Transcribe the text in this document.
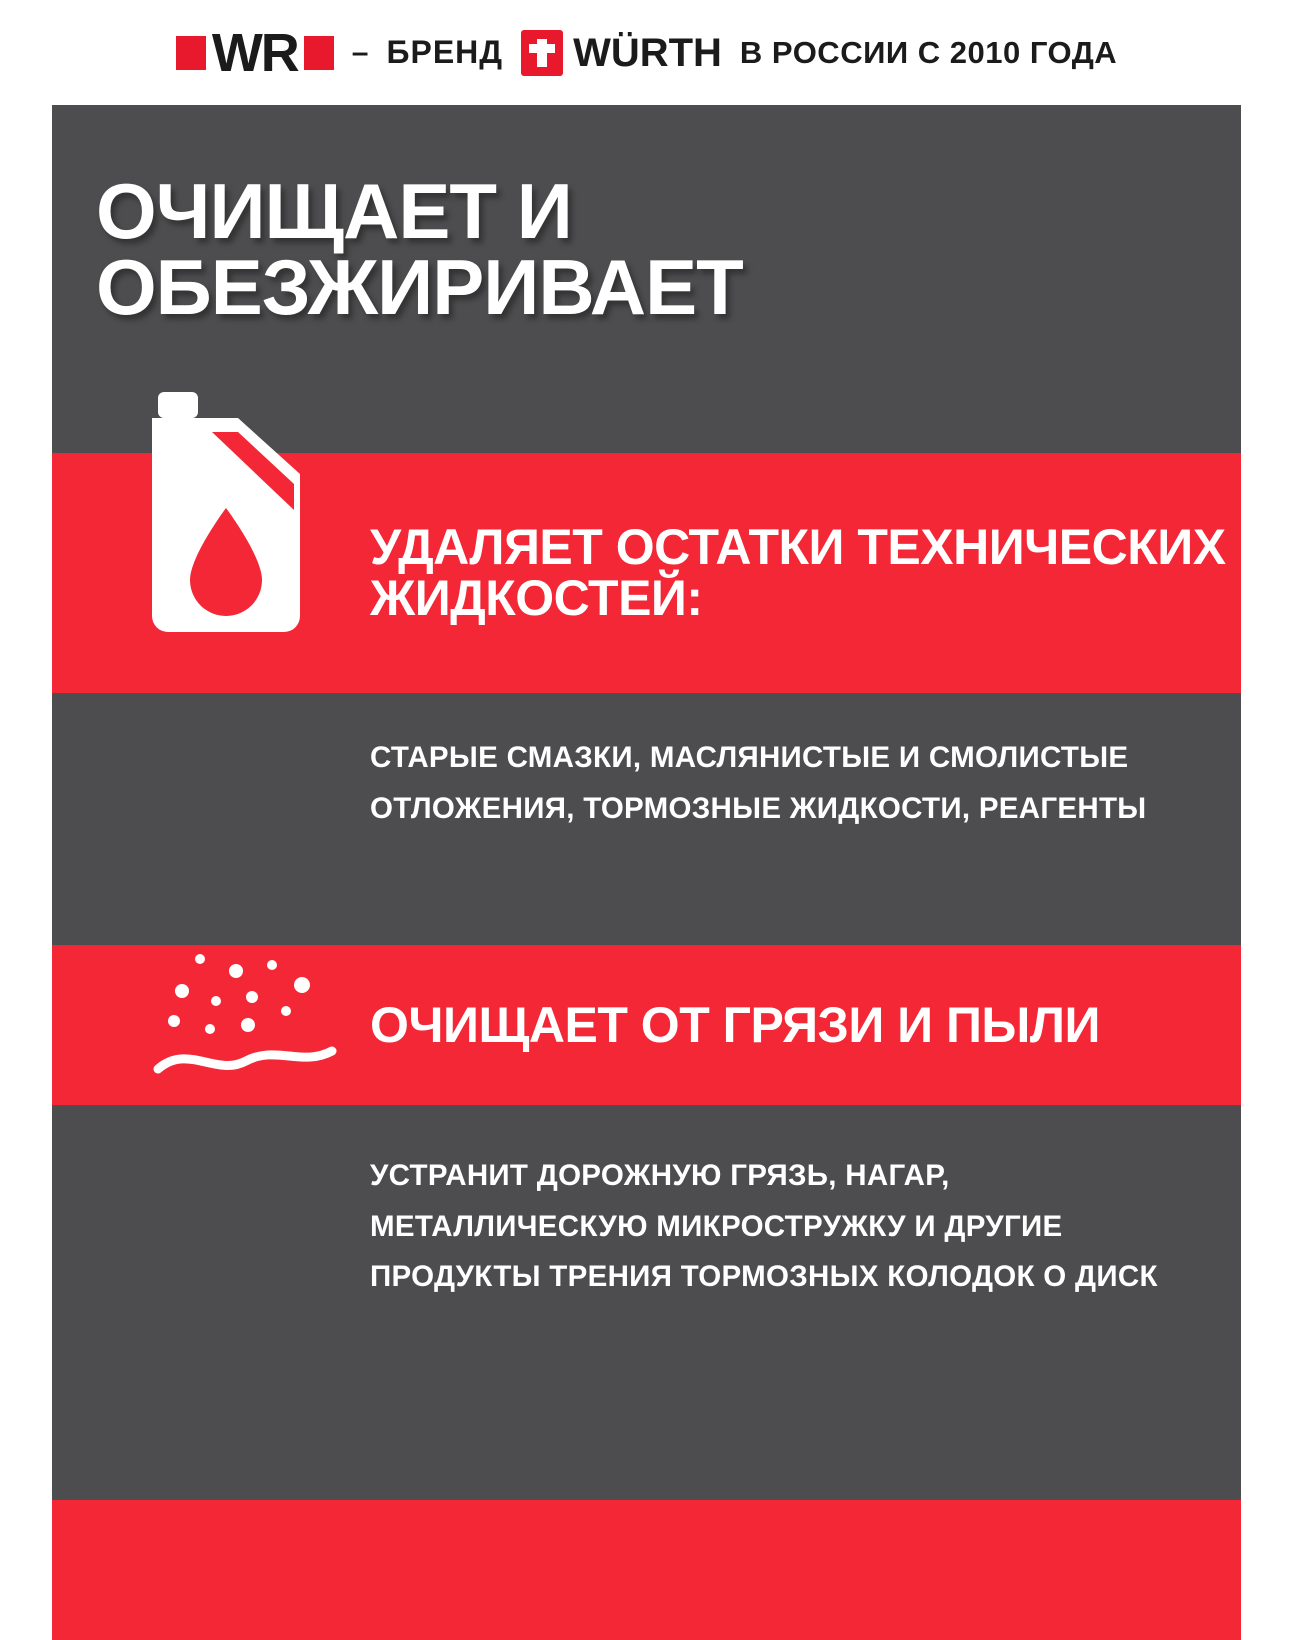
WR – БРЕНД WÜRTH В РОССИИ С 2010 ГОДА
ОЧИЩАЕТ И
ОБЕЗЖИРИВАЕТ
УДАЛЯЕТ ОСТАТКИ ТЕХНИЧЕСКИХ ЖИДКОСТЕЙ:
СТАРЫЕ СМАЗКИ, МАСЛЯНИСТЫЕ И СМОЛИСТЫЕ ОТЛОЖЕНИЯ, ТОРМОЗНЫЕ ЖИДКОСТИ, РЕАГЕНТЫ
ОЧИЩАЕТ ОТ ГРЯЗИ И ПЫЛИ
УСТРАНИТ ДОРОЖНУЮ ГРЯЗЬ, НАГАР, МЕТАЛЛИЧЕСКУЮ МИКРОСТРУЖКУ И ДРУГИЕ ПРОДУКТЫ ТРЕНИЯ ТОРМОЗНЫХ КОЛОДОК О ДИСК
